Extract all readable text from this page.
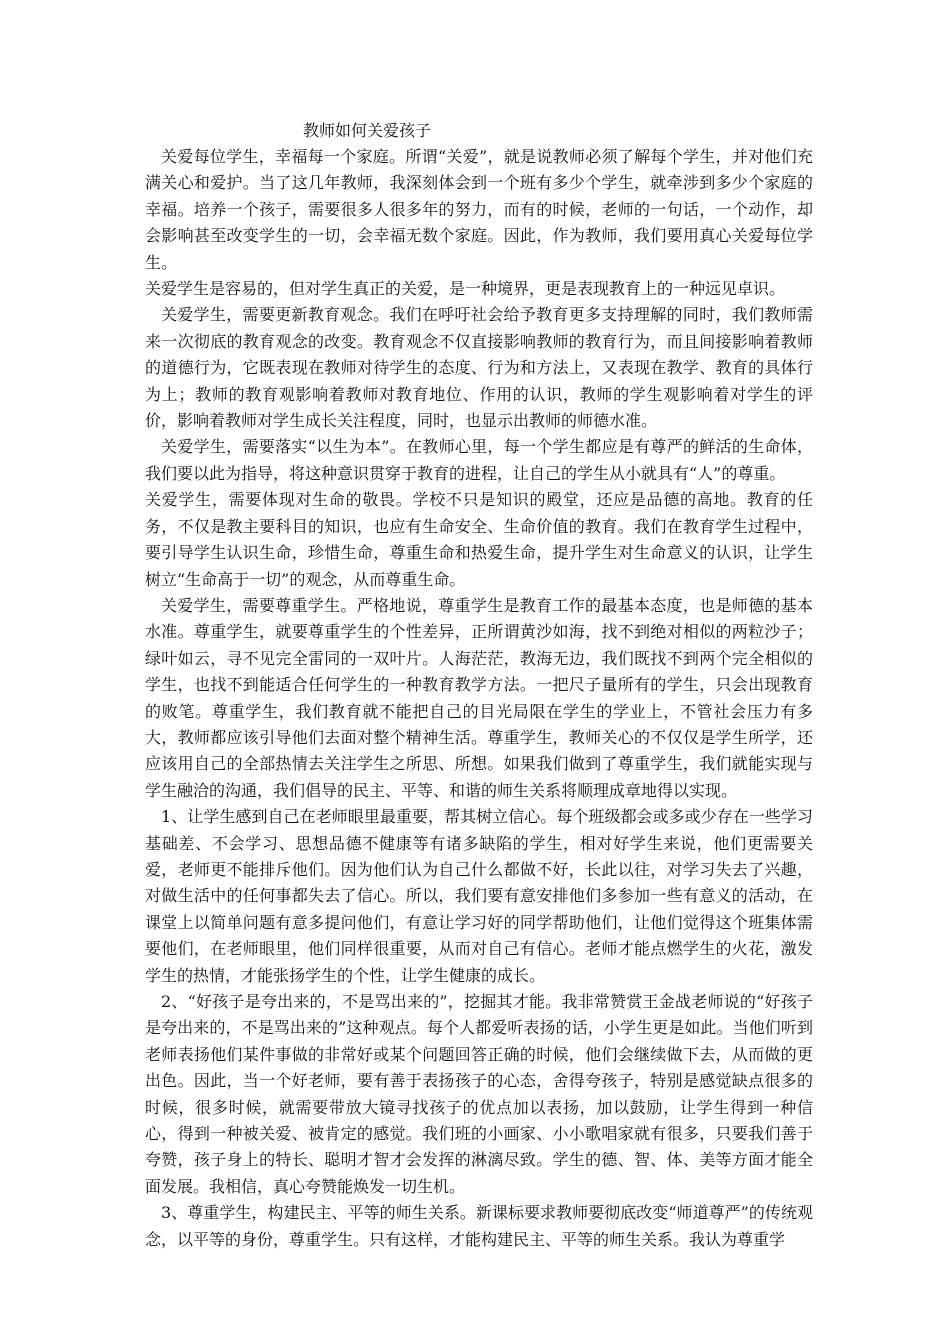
教师如何关爱孩子

关爱每位学生，幸福每一个家庭。所谓“关爱”，就是说教师必须了解每个学生，并对他们充满关心和爱护。当了这几年教师，我深刻体会到一个班有多少个学生，就牵涉到多少个家庭的幸福。培养一个孩子，需要很多人很多年的努力，而有的时候，老师的一句话，一个动作，却会影响甚至改变学生的一切，会幸福无数个家庭。因此，作为教师，我们要用真心关爱每位学生。

关爱学生是容易的，但对学生真正的关爱，是一种境界，更是表现教育上的一种远见卓识。

关爱学生，需要更新教育观念。我们在呼吁社会给予教育更多支持理解的同时，我们教师需来一次彻底的教育观念的改变。教育观念不仅直接影响教师的教育行为，而且间接影响着教师的道德行为，它既表现在教师对待学生的态度、行为和方法上，又表现在教学、教育的具体行为上；教师的教育观影响着教师对教育地位、作用的认识，教师的学生观影响着对学生的评价，影响着教师对学生成长关注程度，同时，也显示出教师的师德水准。

关爱学生，需要落实“以生为本”。在教师心里，每一个学生都应是有尊严的鲜活的生命体，我们要以此为指导，将这种意识贯穿于教育的进程，让自己的学生从小就具有“人”的尊重。

关爱学生，需要体现对生命的敬畏。学校不只是知识的殿堂，还应是品德的高地。教育的任务，不仅是教主要科目的知识，也应有生命安全、生命价值的教育。我们在教育学生过程中，要引导学生认识生命，珍惜生命，尊重生命和热爱生命，提升学生对生命意义的认识，让学生树立“生命高于一切”的观念，从而尊重生命。

关爱学生，需要尊重学生。严格地说，尊重学生是教育工作的最基本态度，也是师德的基本水准。尊重学生，就要尊重学生的个性差异，正所谓黄沙如海，找不到绝对相似的两粒沙子；绿叶如云，寻不见完全雷同的一双叶片。人海茫茫，教海无边，我们既找不到两个完全相似的学生，也找不到能适合任何学生的一种教育教学方法。一把尺子量所有的学生，只会出现教育的败笔。尊重学生，我们教育就不能把自己的目光局限在学生的学业上，不管社会压力有多大，教师都应该引导他们去面对整个精神生活。尊重学生，教师关心的不仅仅是学生所学，还应该用自己的全部热情去关注学生之所思、所想。如果我们做到了尊重学生，我们就能实现与学生融洽的沟通，我们倡导的民主、平等、和谐的师生关系将顺理成章地得以实现。

1、让学生感到自己在老师眼里最重要，帮其树立信心。每个班级都会或多或少存在一些学习基础差、不会学习、思想品德不健康等有诸多缺陷的学生，相对好学生来说，他们更需要关爱，老师更不能排斥他们。因为他们认为自己什么都做不好，长此以往，对学习失去了兴趣，对做生活中的任何事都失去了信心。所以，我们要有意安排他们多参加一些有意义的活动，在课堂上以简单问题有意多提问他们，有意让学习好的同学帮助他们，让他们觉得这个班集体需要他们，在老师眼里，他们同样很重要，从而对自己有信心。老师才能点燃学生的火花，激发学生的热情，才能张扬学生的个性，让学生健康的成长。

2、“好孩子是夸出来的，不是骂出来的”，挖掘其才能。我非常赞赏王金战老师说的“好孩子是夸出来的，不是骂出来的”这种观点。每个人都爱听表扬的话，小学生更是如此。当他们听到老师表扬他们某件事做的非常好或某个问题回答正确的时候，他们会继续做下去，从而做的更出色。因此，当一个好老师，要有善于表扬孩子的心态，舍得夸孩子，特别是感觉缺点很多的时候，很多时候，就需要带放大镜寻找孩子的优点加以表扬，加以鼓励，让学生得到一种信心，得到一种被关爱、被肯定的感觉。我们班的小画家、小小歌唱家就有很多，只要我们善于夸赞，孩子身上的特长、聪明才智才会发挥的淋漓尽致。学生的德、智、体、美等方面才能全面发展。我相信，真心夸赞能焕发一切生机。

3、尊重学生，构建民主、平等的师生关系。新课标要求教师要彻底改变“师道尊严”的传统观念，以平等的身份，尊重学生。只有这样，才能构建民主、平等的师生关系。我认为尊重学
